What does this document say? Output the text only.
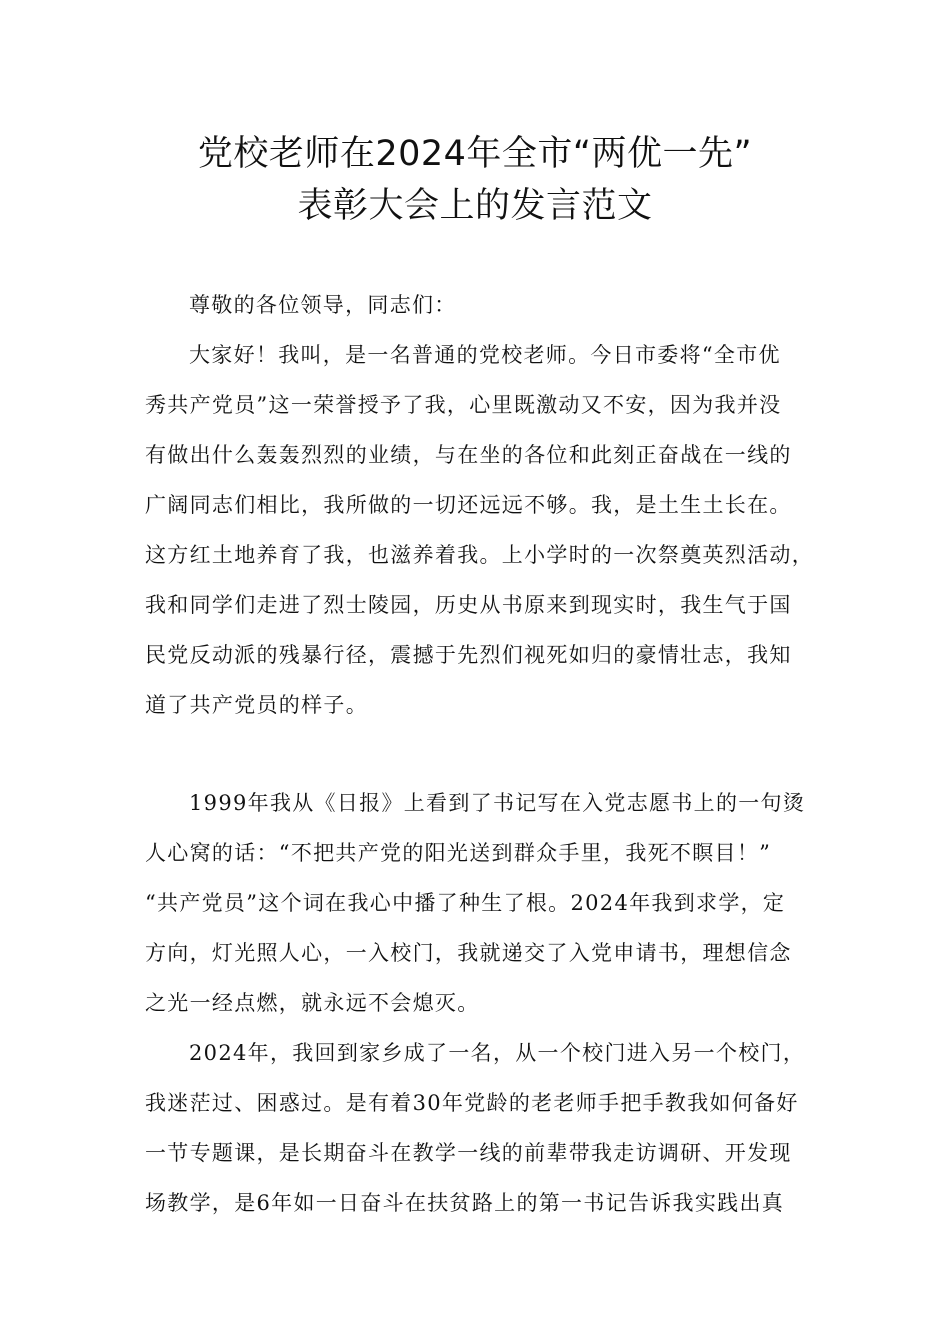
党校老师在2024年全市“两优一先”
表彰大会上的发言范文
尊敬的各位领导，同志们：
大家好！我叫，是一名普通的党校老师。今日市委将“全市优
秀共产党员”这一荣誉授予了我，心里既激动又不安，因为我并没
有做出什么轰轰烈烈的业绩，与在坐的各位和此刻正奋战在一线的
广阔同志们相比，我所做的一切还远远不够。我，是土生土长在。
这方红土地养育了我，也滋养着我。上小学时的一次祭奠英烈活动，
我和同学们走进了烈士陵园，历史从书原来到现实时，我生气于国
民党反动派的残暴行径，震撼于先烈们视死如归的豪情壮志，我知
道了共产党员的样子。
1999年我从《日报》上看到了书记写在入党志愿书上的一句烫
人心窝的话：“不把共产党的阳光送到群众手里，我死不瞑目！”
“共产党员”这个词在我心中播了种生了根。2024年我到求学，定
方向，灯光照人心，一入校门，我就递交了入党申请书，理想信念
之光一经点燃，就永远不会熄灭。
2024年，我回到家乡成了一名，从一个校门进入另一个校门，
我迷茫过、困惑过。是有着30年党龄的老老师手把手教我如何备好
一节专题课，是长期奋斗在教学一线的前辈带我走访调研、开发现
场教学，是6年如一日奋斗在扶贫路上的第一书记告诉我实践出真
